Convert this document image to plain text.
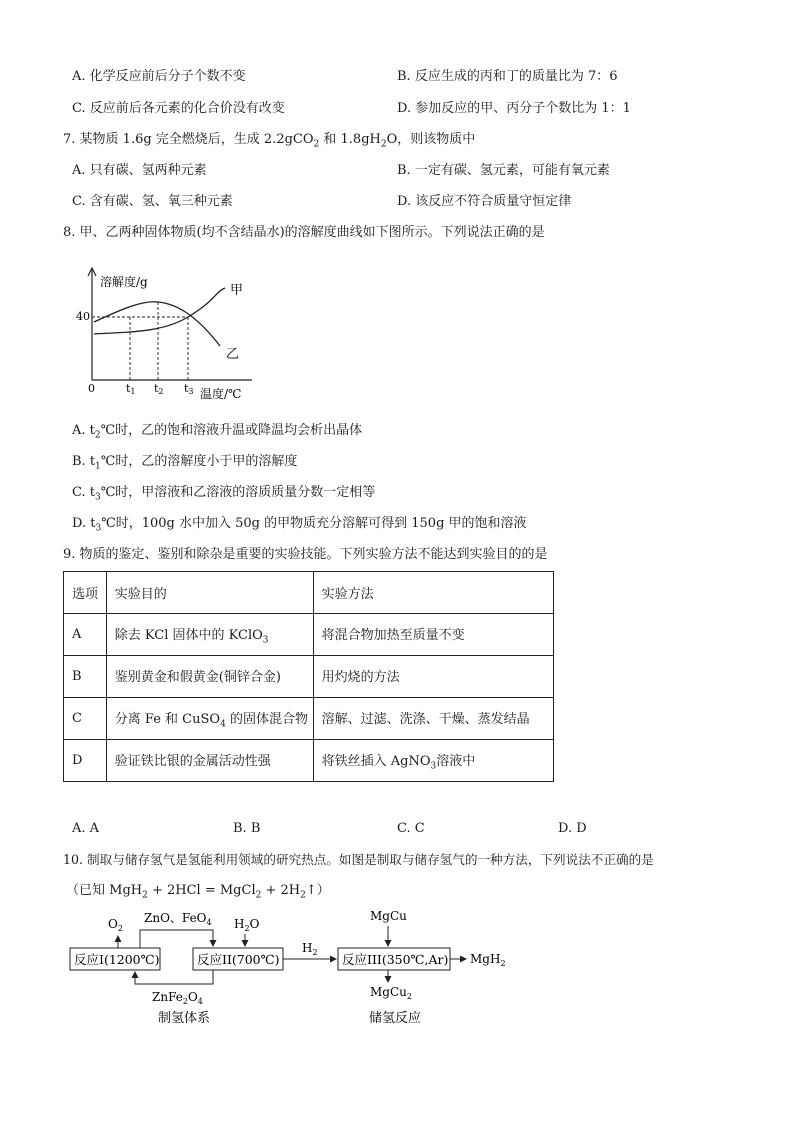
A. 化学反应前后分子个数不变	B. 反应生成的丙和丁的质量比为 7：6
C. 反应前后各元素的化合价没有改变	D. 参加反应的甲、丙分子个数比为 1：1
7. 某物质 1.6g 完全燃烧后，生成 2.2gCO$_2$ 和 $1.8gH_2O$，则该物质中
A. 只有碳、氢两种元素	B. 一定有碳、氢元素，可能有氧元素
C. 含有碳、氢、氧三种元素	D. 该反应不符合质量守恒定律
8. 甲、乙两种固体物质(均不含结晶水)的溶解度曲线如下图所示。下列说法正确的是
溶解度/g
温度/℃
0
40
甲
乙
t1 t2 t3
A. $t_2℃$时，乙的饱和溶液升温或降温均会析出晶体
B. $t_1℃$时，乙的溶解度小于甲的溶解度
C. $t_3℃$时，甲溶液和乙溶液的溶质质量分数一定相等
D. $t_3℃$时，100g 水中加入 50g 的甲物质充分溶解可得到 150g 甲的饱和溶液
9. 物质的鉴定、鉴别和除杂是重要的实验技能。下列实验方法不能达到实验目的的是
选项	实验目的	实验方法
A	除去 KCl 固体中的 KClO$_3$	将混合物加热至质量不变
B	鉴别黄金和假黄金(铜锌合金)	用灼烧的方法
C	分离 Fe 和 CuSO$_4$ 的固体混合物	溶解、过滤、洗涤、干燥、蒸发结晶
D	验证铁比银的金属活动性强	将铁丝插入 AgNO$_3$溶液中
A. A	B. B	C. C	D. D
10. 制取与储存氢气是氢能利用领域的研究热点。如图是制取与储存氢气的一种方法，下列说法不正确的是
（已知 MgH$_2$ + 2HCl = MgCl$_2$ + $2H_2↑$）
反应I(1200℃)	反应II(700℃)	反应III(350℃,Ar)
$O_2$
ZnO、FeO$_4$ $H_2O$
$ZnFe_2O_4$
$H_2$
MgCu
MgH$_2$
MgCu$_2$
制氢体系	储氢反应
